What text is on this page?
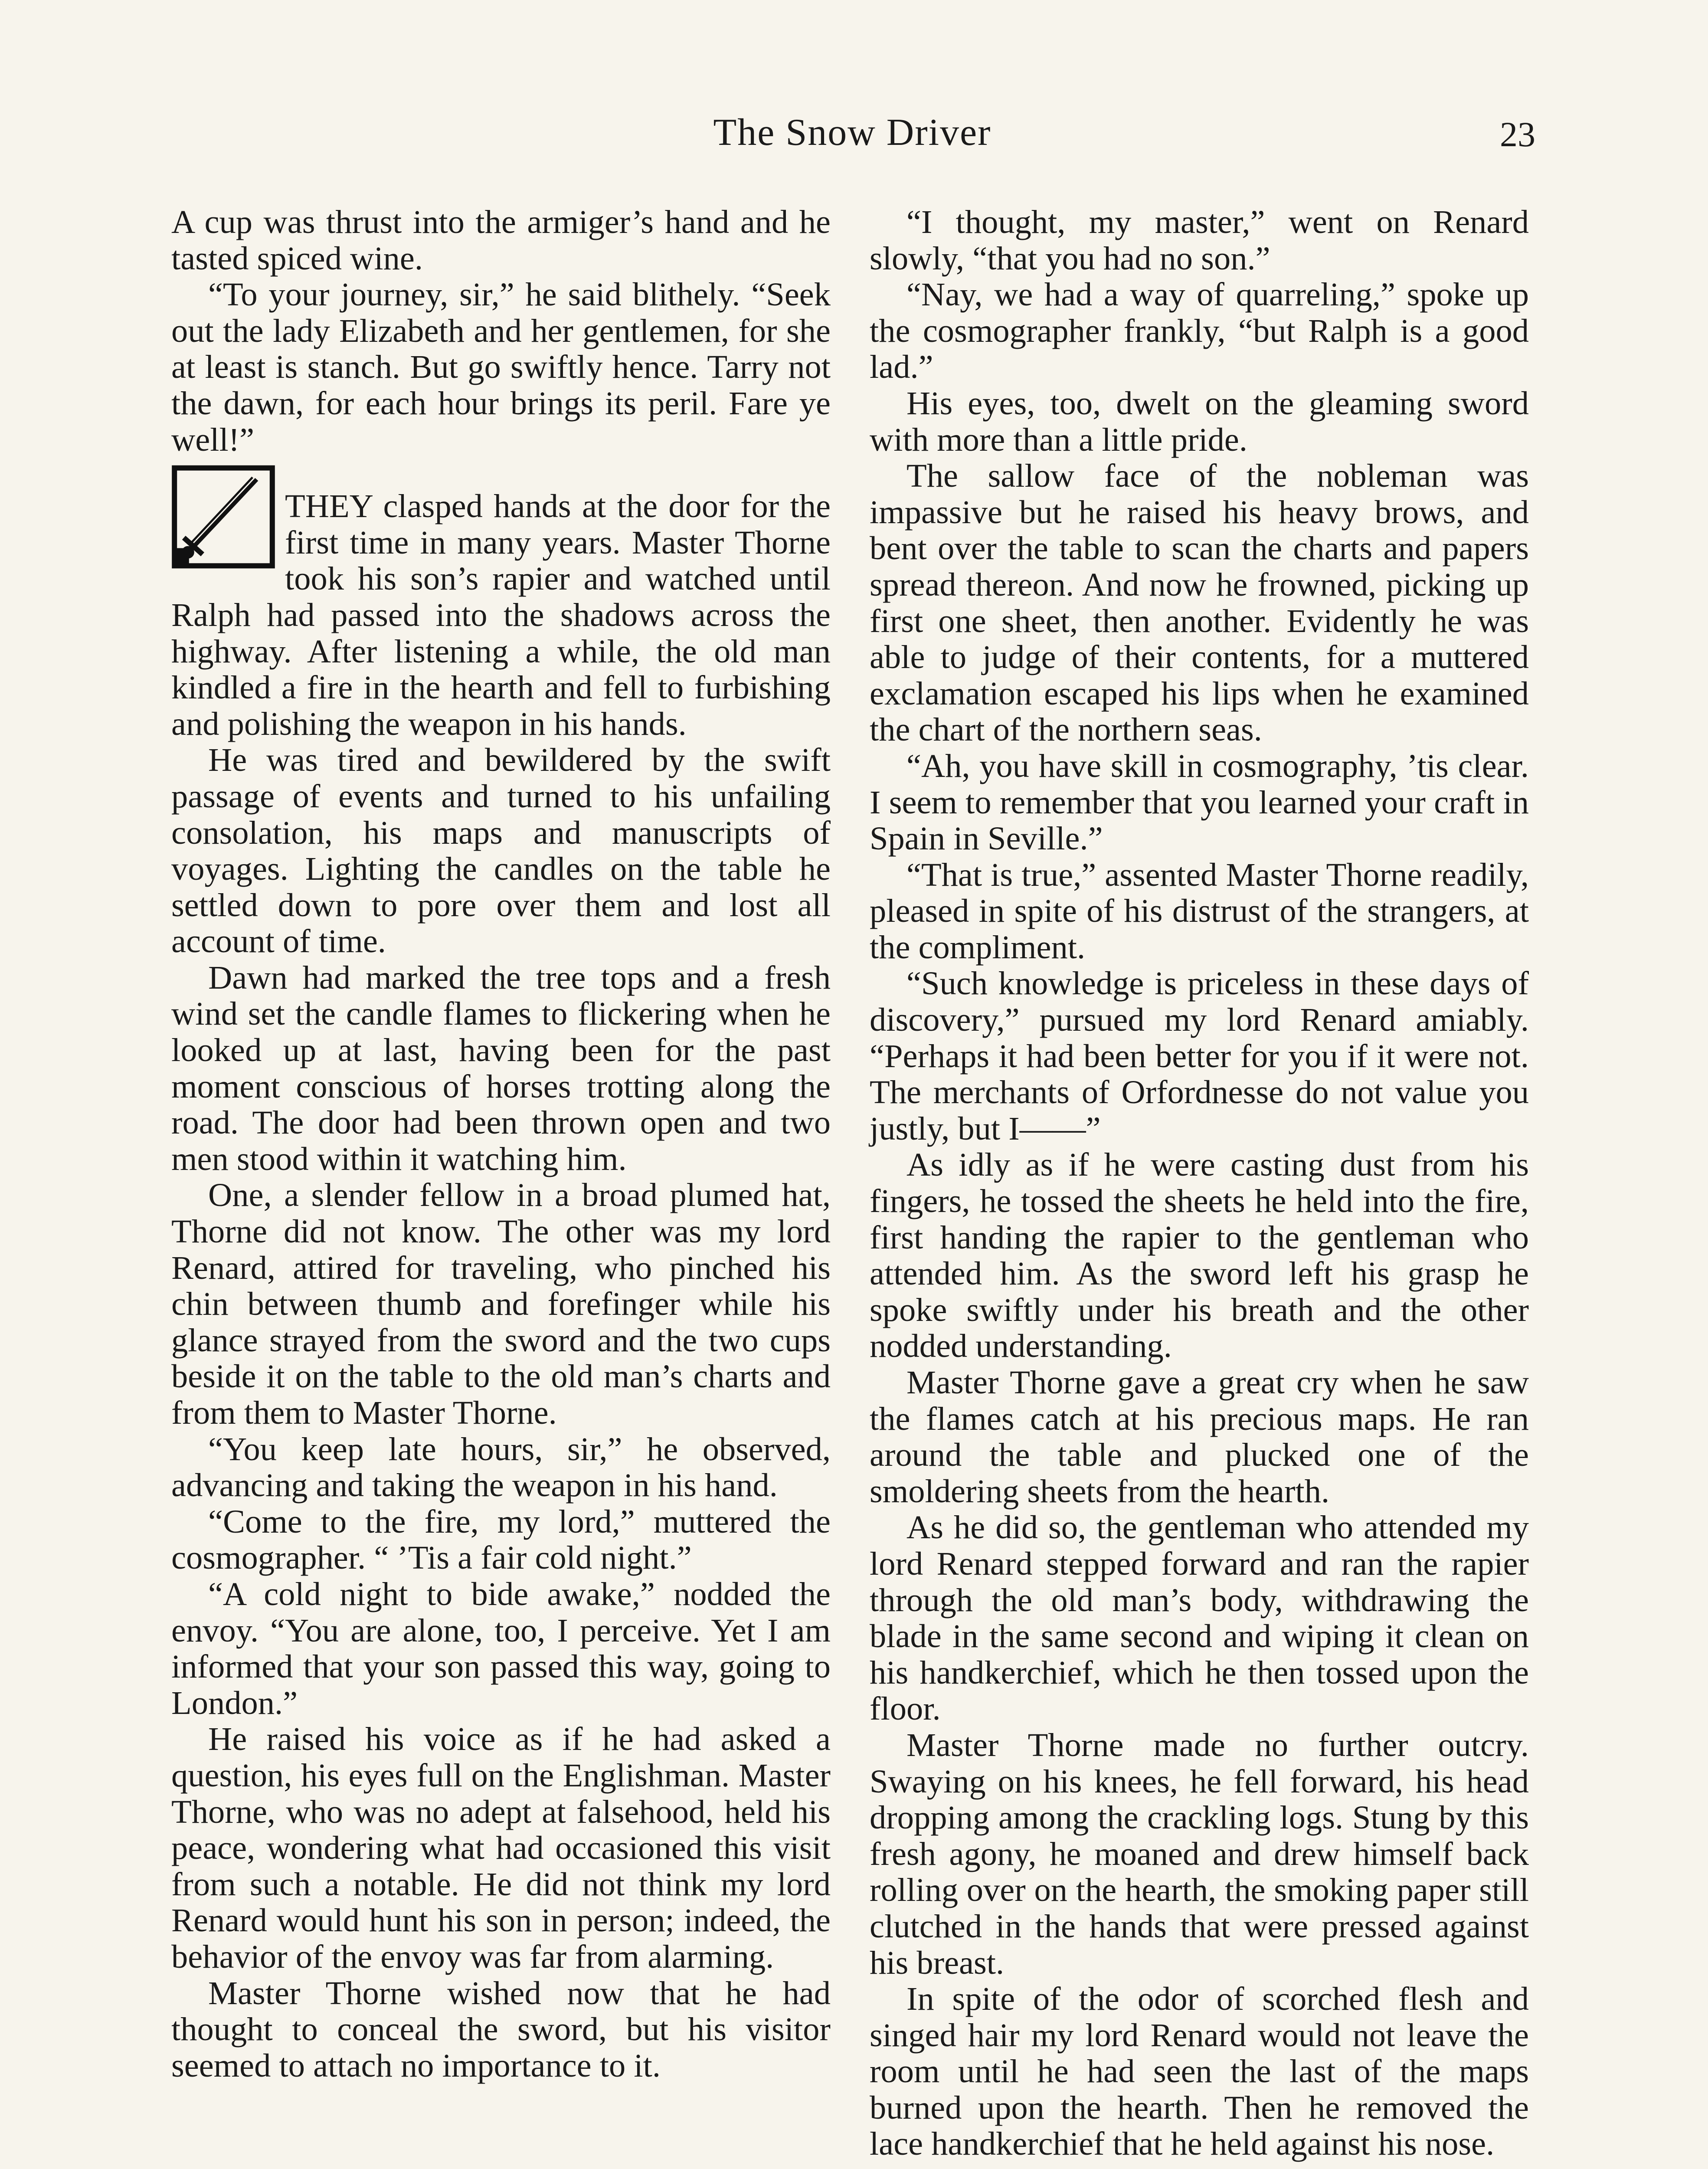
The Snow Driver	23

A cup was thrust into the armiger’s hand and he tasted spiced wine.

“To your journey, sir,” he said blithely. “Seek out the lady Elizabeth and her gentlemen, for she at least is stanch. But go swiftly hence. Tarry not the dawn, for each hour brings its peril. Fare ye well!”

THEY clasped hands at the door for the first time in many years. Master Thorne took his son’s rapier and watched until Ralph had passed into the shadows across the highway. After listening a while, the old man kindled a fire in the hearth and fell to furbishing and polishing the weapon in his hands.

He was tired and bewildered by the swift passage of events and turned to his unfailing consolation, his maps and manuscripts of voyages. Lighting the candles on the table he settled down to pore over them and lost all account of time.

Dawn had marked the tree tops and a fresh wind set the candle flames to flickering when he looked up at last, having been for the past moment conscious of horses trotting along the road. The door had been thrown open and two men stood within it watching him.

One, a slender fellow in a broad plumed hat, Thorne did not know. The other was my lord Renard, attired for traveling, who pinched his chin between thumb and forefinger while his glance strayed from the sword and the two cups beside it on the table to the old man’s charts and from them to Master Thorne.

“You keep late hours, sir,” he observed, advancing and taking the weapon in his hand.

“Come to the fire, my lord,” muttered the cosmographer. “ ’Tis a fair cold night.”

“A cold night to bide awake,” nodded the envoy. “You are alone, too, I perceive. Yet I am informed that your son passed this way, going to London.”

He raised his voice as if he had asked a question, his eyes full on the Englishman. Master Thorne, who was no adept at falsehood, held his peace, wondering what had occasioned this visit from such a notable. He did not think my lord Renard would hunt his son in person; indeed, the behavior of the envoy was far from alarming.

Master Thorne wished now that he had thought to conceal the sword, but his visitor seemed to attach no importance to it.

“I thought, my master,” went on Renard slowly, “that you had no son.”

“Nay, we had a way of quarreling,” spoke up the cosmographer frankly, “but Ralph is a good lad.”

His eyes, too, dwelt on the gleaming sword with more than a little pride.

The sallow face of the nobleman was impassive but he raised his heavy brows, and bent over the table to scan the charts and papers spread thereon. And now he frowned, picking up first one sheet, then another. Evidently he was able to judge of their contents, for a muttered exclamation escaped his lips when he examined the chart of the northern seas.

“Ah, you have skill in cosmography, ’tis clear. I seem to remember that you learned your craft in Spain in Seville.”

“That is true,” assented Master Thorne readily, pleased in spite of his distrust of the strangers, at the compliment.

“Such knowledge is priceless in these days of discovery,” pursued my lord Renard amiably. “Perhaps it had been better for you if it were not. The merchants of Orfordnesse do not value you justly, but I——”

As idly as if he were casting dust from his fingers, he tossed the sheets he held into the fire, first handing the rapier to the gentleman who attended him. As the sword left his grasp he spoke swiftly under his breath and the other nodded understanding.

Master Thorne gave a great cry when he saw the flames catch at his precious maps. He ran around the table and plucked one of the smoldering sheets from the hearth.

As he did so, the gentleman who attended my lord Renard stepped forward and ran the rapier through the old man’s body, withdrawing the blade in the same second and wiping it clean on his handkerchief, which he then tossed upon the floor.

Master Thorne made no further outcry. Swaying on his knees, he fell forward, his head dropping among the crackling logs. Stung by this fresh agony, he moaned and drew himself back rolling over on the hearth, the smoking paper still clutched in the hands that were pressed against his breast.

In spite of the odor of scorched flesh and singed hair my lord Renard would not leave the room until he had seen the last of the maps burned upon the hearth. Then he removed the lace handkerchief that he held against his nose.
